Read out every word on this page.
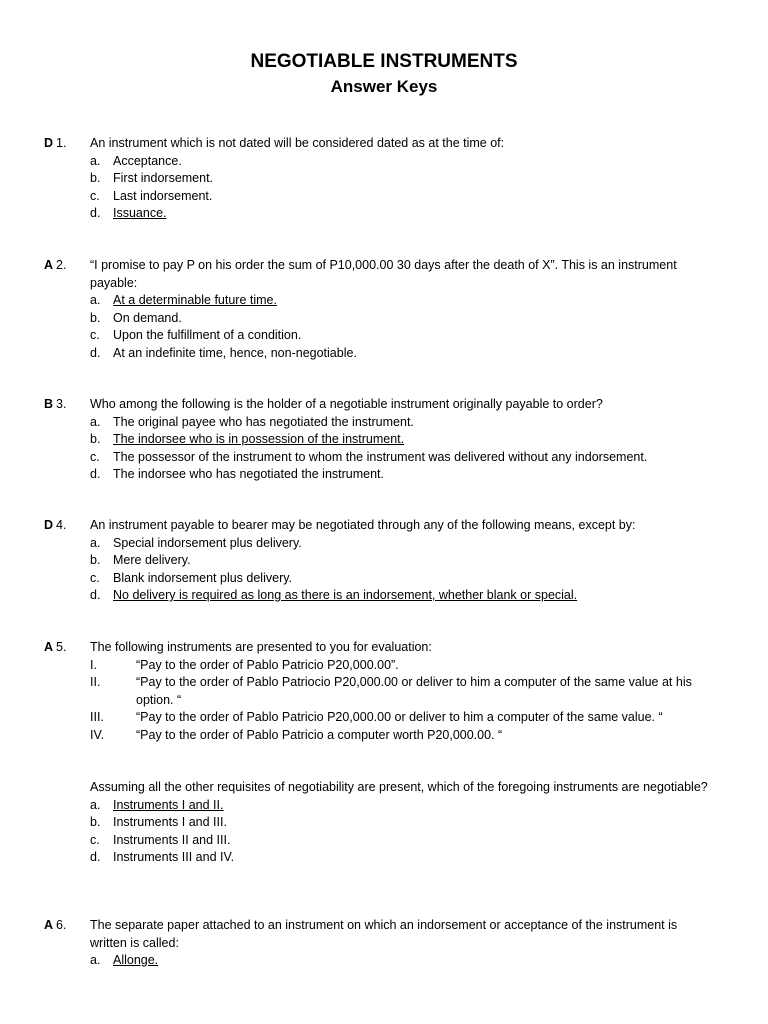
NEGOTIABLE INSTRUMENTS
Answer Keys
D 1. An instrument which is not dated will be considered dated as at the time of:
a. Acceptance.
b. First indorsement.
c. Last indorsement.
d. Issuance.
A 2. “I promise to pay P on his order the sum of P10,000.00 30 days after the death of X”. This is an instrument payable:
a. At a determinable future time.
b. On demand.
c. Upon the fulfillment of a condition.
d. At an indefinite time, hence, non-negotiable.
B 3. Who among the following is the holder of a negotiable instrument originally payable to order?
a. The original payee who has negotiated the instrument.
b. The indorsee who is in possession of the instrument.
c. The possessor of the instrument to whom the instrument was delivered without any indorsement.
d. The indorsee who has negotiated the instrument.
D 4. An instrument payable to bearer may be negotiated through any of the following means, except by:
a. Special indorsement plus delivery.
b. Mere delivery.
c. Blank indorsement plus delivery.
d. No delivery is required as long as there is an indorsement, whether blank or special.
A 5. The following instruments are presented to you for evaluation:
I.	“Pay to the order of Pablo Patricio P20,000.00”.
II.	“Pay to the order of Pablo Patriocio P20,000.00 or deliver to him a computer of the same value at his option. “
III.	“Pay to the order of Pablo Patricio P20,000.00 or deliver to him a computer of the same value. “
IV.	“Pay to the order of Pablo Patricio a computer worth P20,000.00. “
Assuming all the other requisites of negotiability are present, which of the foregoing instruments are negotiable?
a. Instruments I and II.
b. Instruments I and III.
c. Instruments II and III.
d. Instruments III and IV.
A 6. The separate paper attached to an instrument on which an indorsement or acceptance of the instrument is written is called:
a. Allonge.
